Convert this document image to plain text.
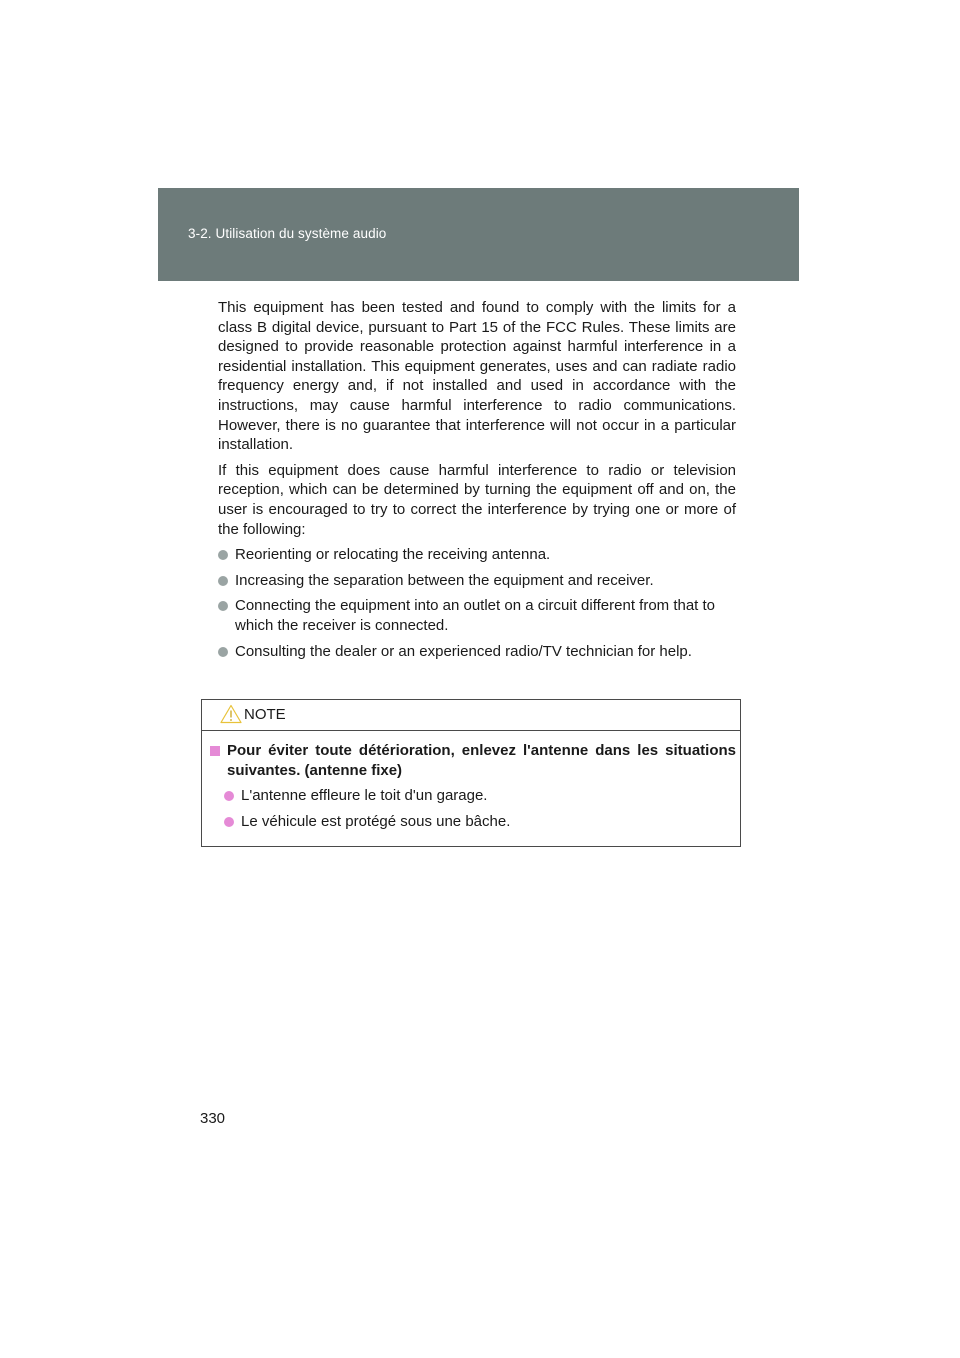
3-2. Utilisation du système audio

This equipment has been tested and found to comply with the limits for a class B digital device, pursuant to Part 15 of the FCC Rules. These limits are designed to provide reasonable protection against harmful interference in a residential installation. This equipment generates, uses and can radiate radio frequency energy and, if not installed and used in accordance with the instructions, may cause harmful interference to radio communications. However, there is no guarantee that interference will not occur in a particular installation.

If this equipment does cause harmful interference to radio or television reception, which can be determined by turning the equipment off and on, the user is encouraged to try to correct the interference by trying one or more of the following:

Reorienting or relocating the receiving antenna.
Increasing the separation between the equipment and receiver.
Connecting the equipment into an outlet on a circuit different from that to which the receiver is connected.
Consulting the dealer or an experienced radio/TV technician for help.
NOTE
Pour éviter toute détérioration, enlevez l'antenne dans les situations suivantes. (antenne fixe)
L'antenne effleure le toit d'un garage.
Le véhicule est protégé sous une bâche.
330
